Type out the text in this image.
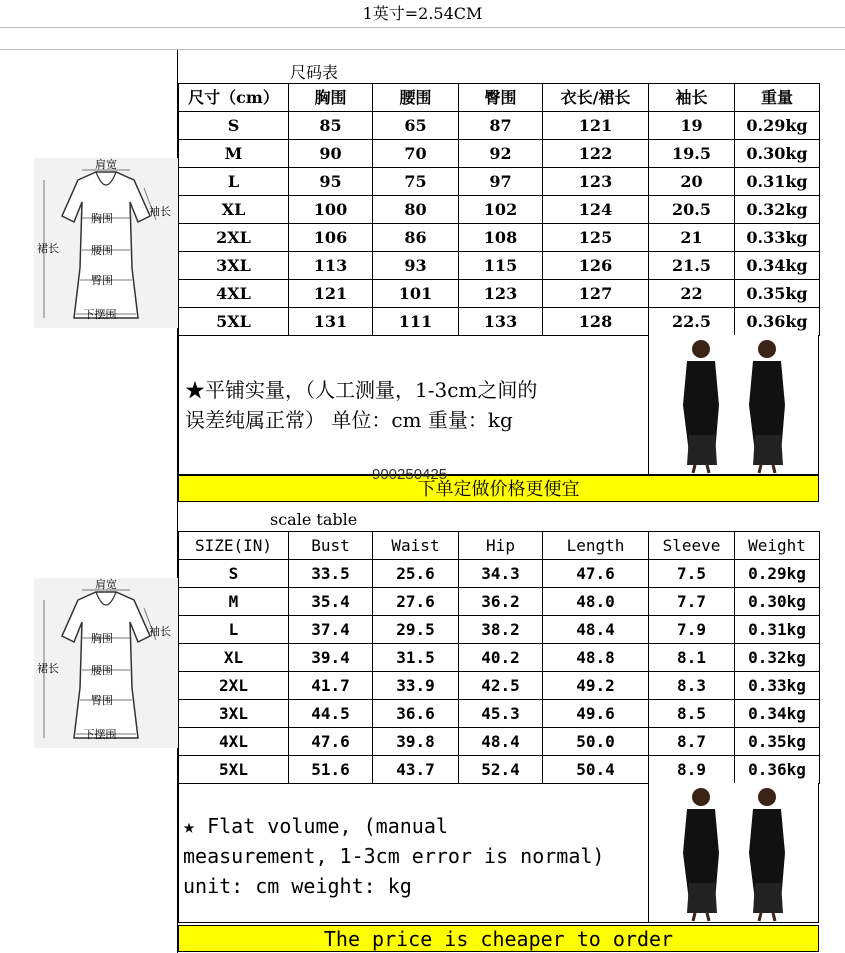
1英寸=2.54CM
肩宽
袖长
胸围
腰围
臀围
下摆围
裙长
尺码表
尺寸（cm）	胸围	腰围	臀围	衣长/裙长	袖长	重量
S	85	65	87	121	19	0.29kg
M	90	70	92	122	19.5	0.30kg
L	95	75	97	123	20	0.31kg
XL	100	80	102	124	20.5	0.32kg
2XL	106	86	108	125	21	0.33kg
3XL	113	93	115	126	21.5	0.34kg
4XL	121	101	123	127	22	0.35kg
5XL	131	111	133	128	22.5	0.36kg
★平铺实量，（人工测量，1-3cm之间的
误差纯属正常） 单位：cm 重量：kg
下单定做价格更便宜
900250425
肩宽
袖长
胸围
腰围
臀围
下摆围
裙长
scale table
SIZE(IN)	Bust	Waist	Hip	Length	Sleeve	Weight
S	33.5	25.6	34.3	47.6	7.5	0.29kg
M	35.4	27.6	36.2	48.0	7.7	0.30kg
L	37.4	29.5	38.2	48.4	7.9	0.31kg
XL	39.4	31.5	40.2	48.8	8.1	0.32kg
2XL	41.7	33.9	42.5	49.2	8.3	0.33kg
3XL	44.5	36.6	45.3	49.6	8.5	0.34kg
4XL	47.6	39.8	48.4	50.0	8.7	0.35kg
5XL	51.6	43.7	52.4	50.4	8.9	0.36kg
★ Flat volume, (manual
measurement, 1-3cm error is normal)
unit: cm weight: kg
The price is cheaper to order
